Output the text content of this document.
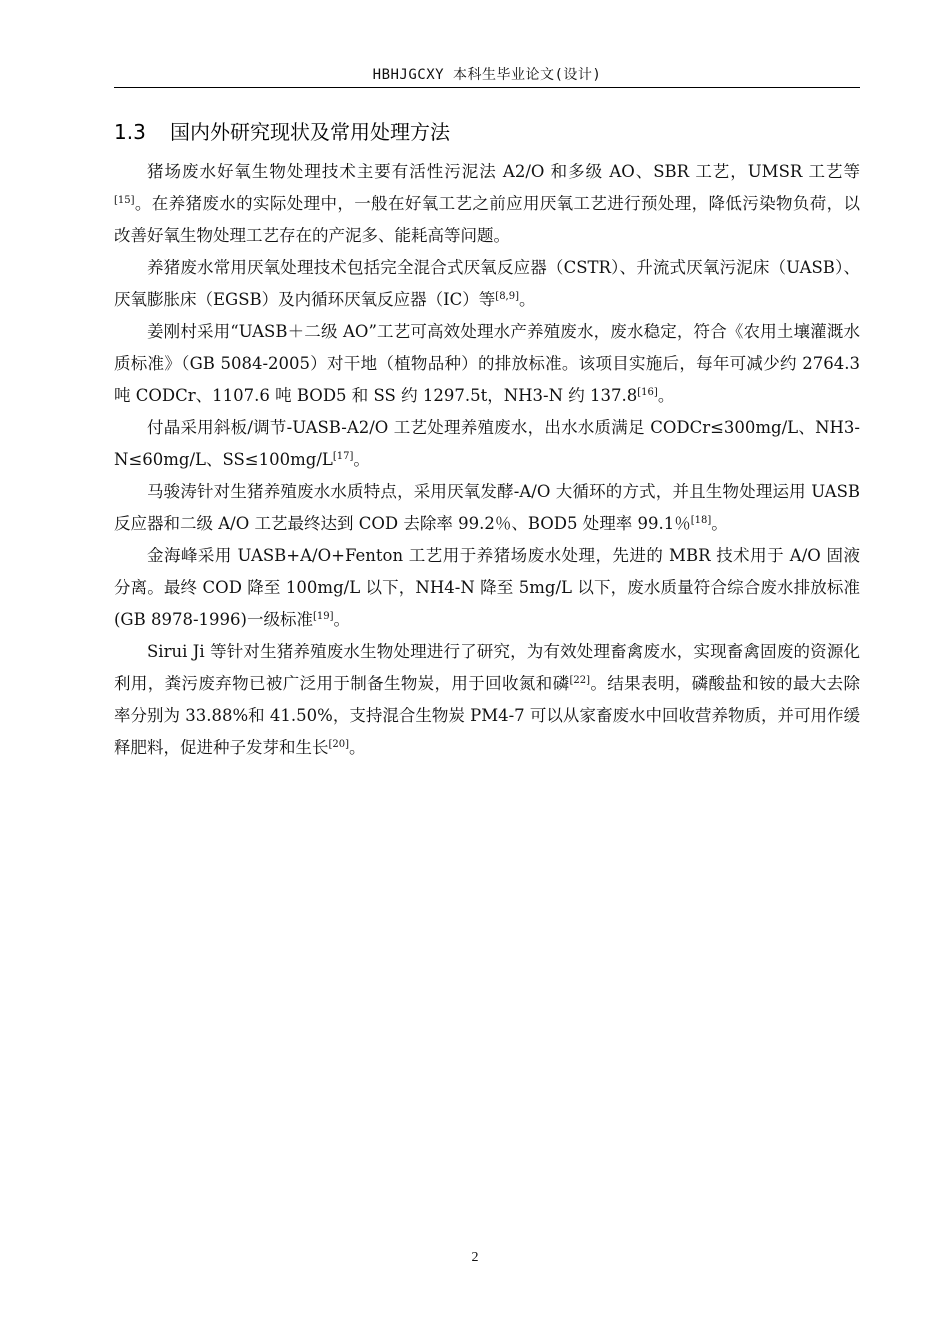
HBHJGCXY 本科生毕业论文(设计)
1.3 国内外研究现状及常用处理方法

猪场废水好氧生物处理技术主要有活性污泥法 A2/O 和多级 AO、SBR 工艺，UMSR 工艺等[15]。在养猪废水的实际处理中，一般在好氧工艺之前应用厌氧工艺进行预处理，降低污染物负荷，以改善好氧生物处理工艺存在的产泥多、能耗高等问题。

养猪废水常用厌氧处理技术包括完全混合式厌氧反应器（CSTR）、升流式厌氧污泥床（UASB）、厌氧膨胀床（EGSB）及内循环厌氧反应器（IC）等[8,9]。

姜刚村采用“UASB＋二级 AO”工艺可高效处理水产养殖废水，废水稳定，符合《农用土壤灌溉水质标准》（GB 5084-2005）对干地（植物品种）的排放标准。该项目实施后，每年可减少约 2764.3 吨 CODCr、1107.6 吨 BOD5 和 SS 约 1297.5t，NH3-N 约 137.8[16]。

付晶采用斜板/调节-UASB-A2/O 工艺处理养殖废水，出水水质满足 CODCr≤300mg/L、NH3-N≤60mg/L、SS≤100mg/L[17]。

马骏涛针对生猪养殖废水水质特点，采用厌氧发酵-A/O 大循环的方式，并且生物处理运用 UASB 反应器和二级 A/O 工艺最终达到 COD 去除率 99.2％、BOD5 处理率 99.1％[18]。

金海峰采用 UASB+A/O+Fenton 工艺用于养猪场废水处理，先进的 MBR 技术用于 A/O 固液分离。最终 COD 降至 100mg/L 以下，NH4-N 降至 5mg/L 以下，废水质量符合综合废水排放标准(GB 8978-1996)一级标准[19]。

Sirui Ji 等针对生猪养殖废水生物处理进行了研究，为有效处理畜禽废水，实现畜禽固废的资源化利用，粪污废弃物已被广泛用于制备生物炭，用于回收氮和磷[22]。结果表明，磷酸盐和铵的最大去除率分别为 33.88%和 41.50%，支持混合生物炭 PM4-7 可以从家畜废水中回收营养物质，并可用作缓释肥料，促进种子发芽和生长[20]。

2
